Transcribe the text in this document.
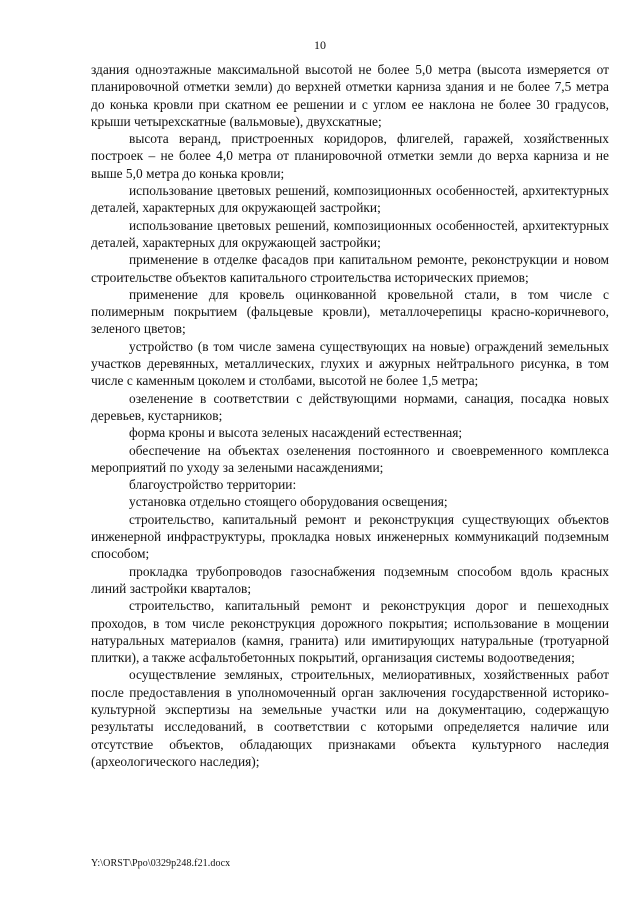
10

здания одноэтажные максимальной высотой не более 5,0 метра (высота измеряется от планировочной отметки земли) до верхней отметки карниза здания и не более 7,5 метра до конька кровли при скатном ее решении и с углом ее наклона не более 30 градусов, крыши четырехскатные (вальмовые), двухскатные;

высота веранд, пристроенных коридоров, флигелей, гаражей, хозяйственных построек – не более 4,0 метра от планировочной отметки земли до верха карниза и не выше 5,0 метра до конька кровли;

использование цветовых решений, композиционных особенностей, архитектурных деталей, характерных для окружающей застройки;

использование цветовых решений, композиционных особенностей, архитектурных деталей, характерных для окружающей застройки;

применение в отделке фасадов при капитальном ремонте, реконструкции и новом строительстве объектов капитального строительства исторических приемов;

применение для кровель оцинкованной кровельной стали, в том числе с полимерным покрытием (фальцевые кровли), металлочерепицы красно-коричневого, зеленого цветов;

устройство (в том числе замена существующих на новые) ограждений земельных участков деревянных, металлических, глухих и ажурных нейтрального рисунка, в том числе с каменным цоколем и столбами, высотой не более 1,5 метра;

озеленение в соответствии с действующими нормами, санация, посадка новых деревьев, кустарников;

форма кроны и высота зеленых насаждений естественная;

обеспечение на объектах озеленения постоянного и своевременного комплекса мероприятий по уходу за зелеными насаждениями;

благоустройство территории:

установка отдельно стоящего оборудования освещения;

строительство, капитальный ремонт и реконструкция существующих объектов инженерной инфраструктуры, прокладка новых инженерных коммуникаций подземным способом;

прокладка трубопроводов газоснабжения подземным способом вдоль красных линий застройки кварталов;

строительство, капитальный ремонт и реконструкция дорог и пешеходных проходов, в том числе реконструкция дорожного покрытия; использование в мощении натуральных материалов (камня, гранита) или имитирующих натуральные (тротуарной плитки), а также асфальтобетонных покрытий, организация системы водоотведения;

осуществление земляных, строительных, мелиоративных, хозяйственных работ после предоставления в уполномоченный орган заключения государственной историко-культурной экспертизы на земельные участки или на документацию, содержащую результаты исследований, в соответствии с которыми определяется наличие или отсутствие объектов, обладающих признаками объекта культурного наследия (археологического наследия);

Y:\ORST\Ppo\0329p248.f21.docx
